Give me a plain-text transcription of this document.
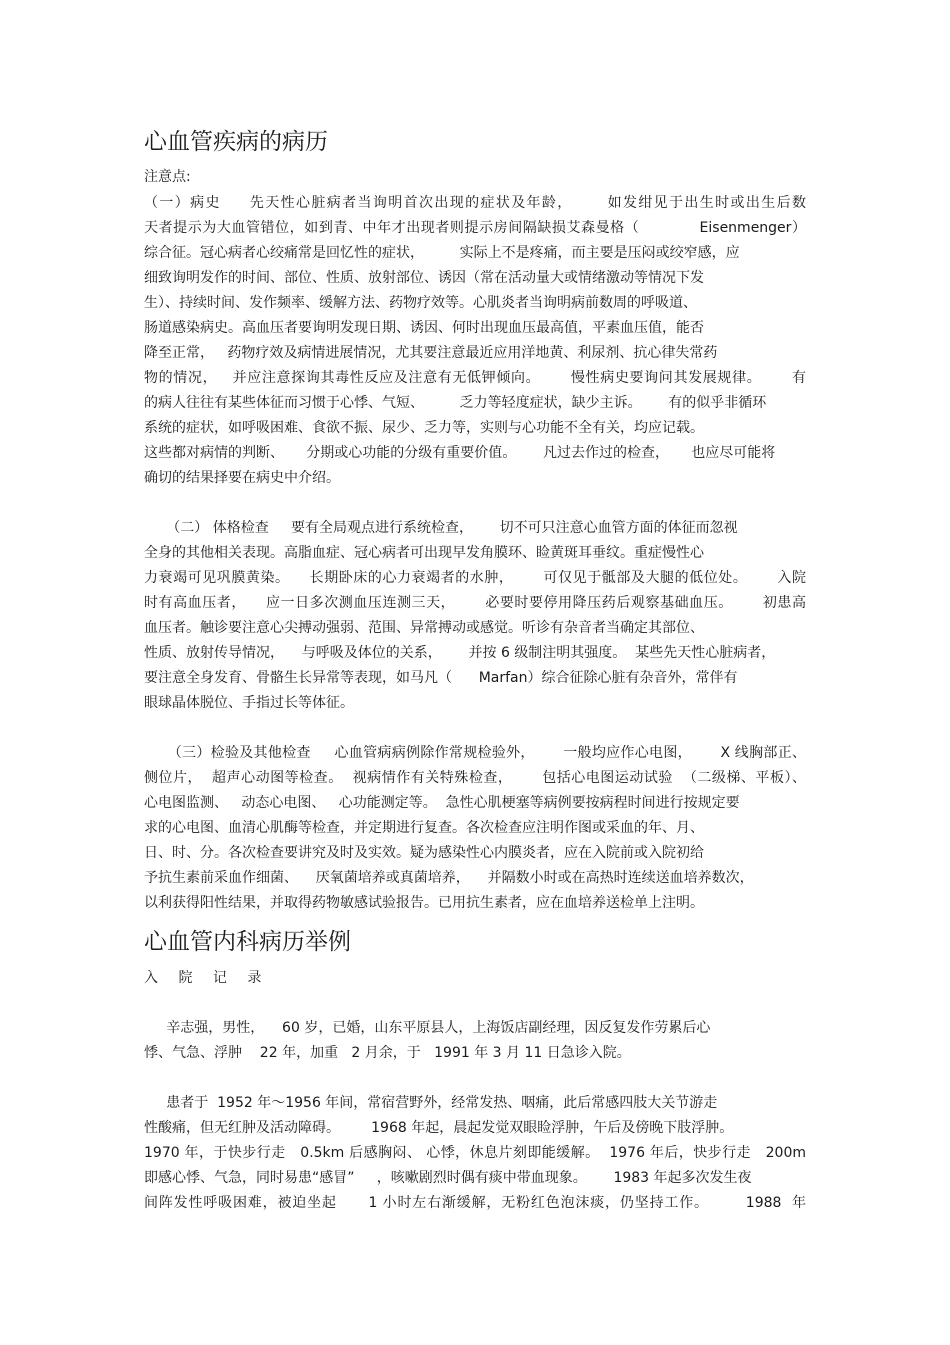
心血管疾病的病历

注意点:

（一）病史     先天性心脏病者当询明首次出现的症状及年龄，      如发绀见于出生时或出生后数

天者提示为大血管错位，如到青、中年才出现者则提示房间隔缺损艾森曼格（            Eisenmenger）

综合征。冠心病者心绞痛常是回忆性的症状，        实际上不是疼痛，而主要是压闷或绞窄感，应

细致询明发作的时间、部位、性质、放射部位、诱因（常在活动量大或情绪激动等情况下发

生）、持续时间、发作频率、缓解方法、药物疗效等。心肌炎者当询明病前数周的呼吸道、

肠道感染病史。高血压者要询明发现日期、诱因、何时出现血压最高值，平素血压值，能否

降至正常，   药物疗效及病情进展情况，尤其要注意最近应用洋地黄、利尿剂、抗心律失常药

物的情况，   并应注意探询其毒性反应及注意有无低钾倾向。      慢性病史要询问其发展规律。      有

的病人往往有某些体征而习惯于心悸、气短、        乏力等轻度症状，缺少主诉。      有的似乎非循环

系统的症状，如呼吸困难、食欲不振、尿少、乏力等，实则与心功能不全有关，均应记载。

这些都对病情的判断、     分期或心功能的分级有重要价值。      凡过去作过的检查，     也应尽可能将

确切的结果择要在病史中介绍。

（二） 体格检查     要有全局观点进行系统检查，      切不可只注意心血管方面的体征而忽视

全身的其他相关表现。高脂血症、冠心病者可出现早发角膜环、睑黄斑耳垂纹。重症慢性心

力衰竭可见巩膜黄染。    长期卧床的心力衰竭者的水肿，      可仅见于骶部及大腿的低位处。      入院

时有高血压者，    应一日多次测血压连测三天，      必要时要停用降压药后观察基础血压。      初患高

血压者。触诊要注意心尖搏动强弱、范围、异常搏动或感觉。听诊有杂音者当确定其部位、

性质、放射传导情况，    与呼吸及体位的关系，      并按 6 级制注明其强度。  某些先天性心脏病者，

要注意全身发育、骨骼生长异常等表现，如马凡（      Marfan）综合征除心脏有杂音外，常伴有

眼球晶体脱位、手指过长等体征。

（三）检验及其他检查     心血管病病例除作常规检验外，      一般均应作心电图，      X 线胸部正、

侧位片，  超声心动图等检查。  视病情作有关特殊检查，      包括心电图运动试验  （二级梯、平板）、

心电图监测、   动态心电图、   心功能测定等。  急性心肌梗塞等病例要按病程时间进行按规定要

求的心电图、血清心肌酶等检查，并定期进行复查。各次检查应注明作图或采血的年、月、

日、时、分。各次检查要讲究及时及实效。疑为感染性心内膜炎者，应在入院前或入院初给

予抗生素前采血作细菌、    厌氧菌培养或真菌培养，    并隔数小时或在高热时连续送血培养数次，

以利获得阳性结果，并取得药物敏感试验报告。已用抗生素者，应在血培养送检单上注明。

心血管内科病历举例

入 院 记 录

辛志强，男性，    60 岁，已婚，山东平原县人，上海饭店副经理，因反复发作劳累后心

悸、气急、浮肿    22 年，加重   2 月余，于   1991 年 3 月 11 日急诊入院。

患者于  1952 年～1956 年间，常宿营野外，经常发热、咽痛，此后常感四肢大关节游走

性酸痛，但无红肿及活动障碍。       1968 年起，晨起发觉双眼睑浮肿，午后及傍晚下肢浮肿。

1970 年，于快步行走   0.5km 后感胸闷、 心悸，休息片刻即能缓解。  1976 年后，快步行走   200m

即感心悸、气急，同时易患“感冒”     ，咳嗽剧烈时偶有痰中带血现象。      1983 年起多次发生夜

间阵发性呼吸困难，被迫坐起      1 小时左右渐缓解，无粉红色泡沫痰，仍坚持工作。       1988  年
